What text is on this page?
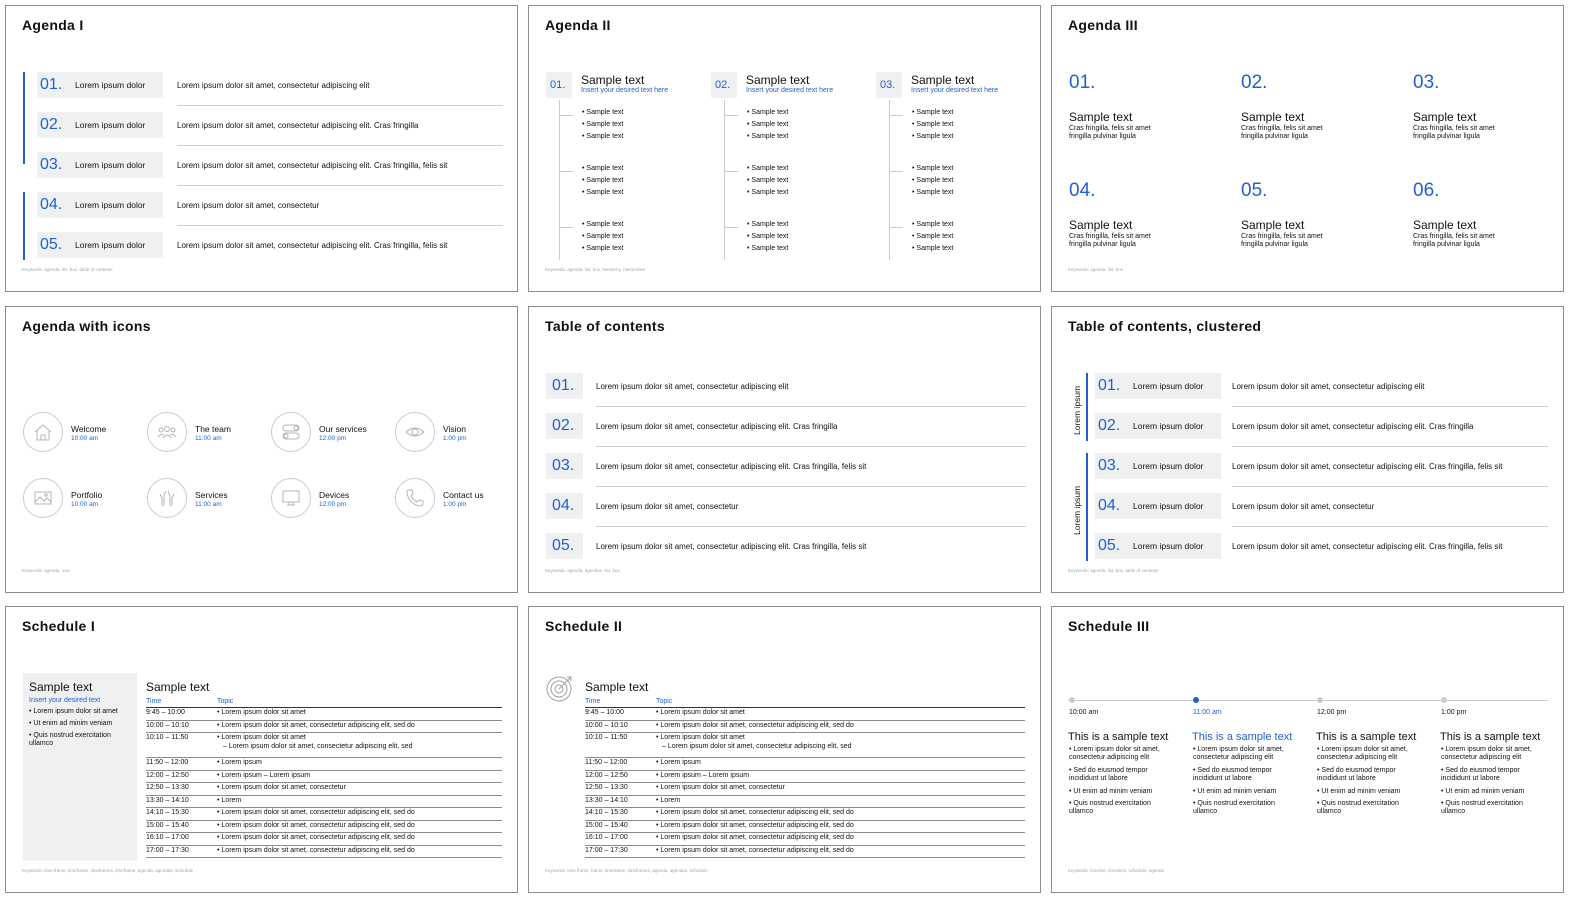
Agenda I
01. Lorem ipsum dolor	Lorem ipsum dolor sit amet, consectetur adipiscing elit
02. Lorem ipsum dolor	Lorem ipsum dolor sit amet, consectetur adipiscing elit. Cras fringilla
03. Lorem ipsum dolor	Lorem ipsum dolor sit amet, consectetur adipiscing elit. Cras fringilla, felis sit
04. Lorem ipsum dolor	Lorem ipsum dolor sit amet, consectetur
05. Lorem ipsum dolor	Lorem ipsum dolor sit amet, consectetur adipiscing elit. Cras fringilla, felis sit
Keywords: agenda, list, box, table of contents
Agenda II
01. Sample text
Insert your desired text here
• Sample text
• Sample text
• Sample text
• Sample text
• Sample text
• Sample text
• Sample text
• Sample text
• Sample text
02. Sample text
Insert your desired text here
• Sample text
• Sample text
• Sample text
• Sample text
• Sample text
• Sample text
• Sample text
• Sample text
• Sample text
03. Sample text
Insert your desired text here
• Sample text
• Sample text
• Sample text
• Sample text
• Sample text
• Sample text
• Sample text
• Sample text
• Sample text
Keywords: agenda, list, box, hierarchy, hierarchies
Agenda III
01.
Sample text
Cras fringilla, felis sit amet fringilla pulvinar ligula
02.
Sample text
Cras fringilla, felis sit amet fringilla pulvinar ligula
03.
Sample text
Cras fringilla, felis sit amet fringilla pulvinar ligula
04.
Sample text
Cras fringilla, felis sit amet fringilla pulvinar ligula
05.
Sample text
Cras fringilla, felis sit amet fringilla pulvinar ligula
06.
Sample text
Cras fringilla, felis sit amet fringilla pulvinar ligula
Keywords: agenda, list, box
Agenda with icons
Welcome
10:00 am
The team
11:00 am
Our services
12:00 pm
Vision
1:00 pm
Portfolio
10:00 am
Services
11:00 am
Devices
12:00 pm
Contact us
1:00 pm
Keywords: agenda, icon
Table of contents
01.	Lorem ipsum dolor sit amet, consectetur adipiscing elit
02.	Lorem ipsum dolor sit amet, consectetur adipiscing elit. Cras fringilla
03.	Lorem ipsum dolor sit amet, consectetur adipiscing elit. Cras fringilla, felis sit
04.	Lorem ipsum dolor sit amet, consectetur
05.	Lorem ipsum dolor sit amet, consectetur adipiscing elit. Cras fringilla, felis sit
Keywords: agenda, agendas, list, box
Table of contents, clustered
Lorem ipsum
Lorem ipsum
01. Lorem ipsum dolor	Lorem ipsum dolor sit amet, consectetur adipiscing elit
02. Lorem ipsum dolor	Lorem ipsum dolor sit amet, consectetur adipiscing elit. Cras fringilla
03. Lorem ipsum dolor	Lorem ipsum dolor sit amet, consectetur adipiscing elit. Cras fringilla, felis sit
04. Lorem ipsum dolor	Lorem ipsum dolor sit amet, consectetur
05. Lorem ipsum dolor	Lorem ipsum dolor sit amet, consectetur adipiscing elit. Cras fringilla, felis sit
Keywords: agenda, list, box, table of contents
Schedule I
Sample text
Insert your desired text
• Lorem ipsum dolor sit amet
• Ut enim ad minim veniam
• Quis nostrud exercitation ullamco
Sample text
Time	Topic
9:45 – 10:00	• Lorem ipsum dolor sit amet
10:00 – 10:10	• Lorem ipsum dolor sit amet, consectetur adipiscing elit, sed do
10:10 – 11:50	• Lorem ipsum dolor sit amet
– Lorem ipsum dolor sit amet, consectetur adipiscing elit, sed
11:50 – 12:00	• Lorem ipsum
12:00 – 12:50	• Lorem ipsum – Lorem ipsum
12:50 – 13:30	• Lorem ipsum dolor sit amet, consectetur
13:30 – 14:10	• Lorem
14:10 – 15:30	• Lorem ipsum dolor sit amet, consectetur adipiscing elit, sed do
15:00 – 15:40	• Lorem ipsum dolor sit amet, consectetur adipiscing elit, sed do
16:10 – 17:00	• Lorem ipsum dolor sit amet, consectetur adipiscing elit, sed do
17:00 – 17:30	• Lorem ipsum dolor sit amet, consectetur adipiscing elit, sed do
Keywords: time frame, timeframe, timeframes, timeframe, agenda, agendas, schedule
Schedule II
Sample text
Time	Topic
9:45 – 10:00	• Lorem ipsum dolor sit amet
10:00 – 10:10	• Lorem ipsum dolor sit amet, consectetur adipiscing elit, sed do
10:10 – 11:50	• Lorem ipsum dolor sit amet
– Lorem ipsum dolor sit amet, consectetur adipiscing elit, sed
11:50 – 12:00	• Lorem ipsum
12:00 – 12:50	• Lorem ipsum – Lorem ipsum
12:50 – 13:30	• Lorem ipsum dolor sit amet, consectetur
13:30 – 14:10	• Lorem
14:10 – 15:30	• Lorem ipsum dolor sit amet, consectetur adipiscing elit, sed do
15:00 – 15:40	• Lorem ipsum dolor sit amet, consectetur adipiscing elit, sed do
16:10 – 17:00	• Lorem ipsum dolor sit amet, consectetur adipiscing elit, sed do
17:00 – 17:30	• Lorem ipsum dolor sit amet, consectetur adipiscing elit, sed do
Keywords: time frame, frame, timeframe, timeframes, agenda, agendas, schedule
Schedule III
10:00 am
This is a sample text
• Lorem ipsum dolor sit amet, consectetur adipiscing elit
• Sed do eiusmod tempor incididunt ut labore
• Ut enim ad minim veniam
• Quis nostrud exercitation ullamco
11:00 am
This is a sample text
• Lorem ipsum dolor sit amet, consectetur adipiscing elit
• Sed do eiusmod tempor incididunt ut labore
• Ut enim ad minim veniam
• Quis nostrud exercitation ullamco
12:00 pm
This is a sample text
• Lorem ipsum dolor sit amet, consectetur adipiscing elit
• Sed do eiusmod tempor incididunt ut labore
• Ut enim ad minim veniam
• Quis nostrud exercitation ullamco
1:00 pm
This is a sample text
• Lorem ipsum dolor sit amet, consectetur adipiscing elit
• Sed do eiusmod tempor incididunt ut labore
• Ut enim ad minim veniam
• Quis nostrud exercitation ullamco
Keywords: timeline, timelines, schedule, agenda
